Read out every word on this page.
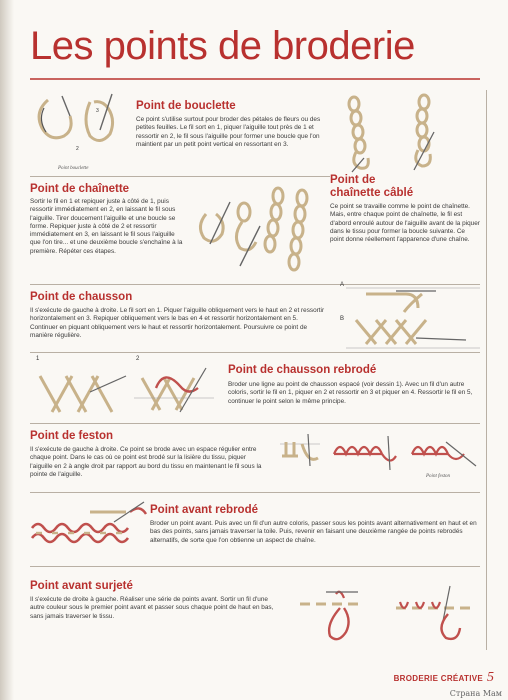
Les points de broderie
2
3
Point bouclette
Point de bouclette
Ce point s'utilise surtout pour broder des pétales de fleurs ou des petites feuilles. Le fil sort en 1, piquer l'aiguille tout près de 1 et ressortir en 2, le fil sous l'aiguille pour former une boucle que l'on maintient par un petit point vertical en ressortant en 3.
Point de chaînette
Sortir le fil en 1 et repiquer juste à côté de 1, puis ressortir immédiatement en 2, en laissant le fil sous l'aiguille. Tirer doucement l'aiguille et une boucle se forme. Repiquer juste à côté de 2 et ressortir immédiatement en 3, en laissant le fil sous l'aiguille que l'on tire... et une deuxième boucle s'enchaîne à la première. Répéter ces étapes.
Point de
chaînette câblé
Ce point se travaille comme le point de chaînette. Mais, entre chaque point de chaînette, le fil est d'abord enroulé autour de l'aiguille avant de la piquer dans le tissu pour former la boucle suivante. Ce point donne réellement l'apparence d'une chaîne.
Point de chausson
Il s'exécute de gauche à droite. Le fil sort en 1. Piquer l'aiguille obliquement vers le haut en 2 et ressortir horizontalement en 3. Repiquer obliquement vers le bas en 4 et ressortir horizontalement en 5. Continuer en piquant obliquement vers le haut et ressortir horizontalement. Poursuivre ce point de manière régulière.
A
B
1	2
Point de chausson rebrodé
Broder une ligne au point de chausson espacé (voir dessin 1). Avec un fil d'un autre coloris, sortir le fil en 1, piquer en 2 et ressortir en 3 et piquer en 4. Ressortir le fil en 5, continuer le point selon le même principe.
Point de feston
Il s'exécute de gauche à droite. Ce point se brode avec un espace régulier entre chaque point. Dans le cas où ce point est brodé sur la lisière du tissu, piquer l'aiguille en 2 à angle droit par rapport au bord du tissu en maintenant le fil sous la pointe de l'aiguille.	Point feston
Point avant rebrodé
Broder un point avant. Puis avec un fil d'un autre coloris, passer sous les points avant alternativement en haut et en bas des points, sans jamais traverser la toile. Puis, revenir en faisant une deuxième rangée de points rebrodés alternatifs, de sorte que l'on obtienne un aspect de chaîne.
Point avant surjeté
Il s'exécute de droite à gauche. Réaliser une série de points avant. Sortir un fil d'une autre couleur sous le premier point avant et passer sous chaque point de haut en bas, sans jamais traverser le tissu.
BRODERIE CRÉATIVE 5
Страна Мам
